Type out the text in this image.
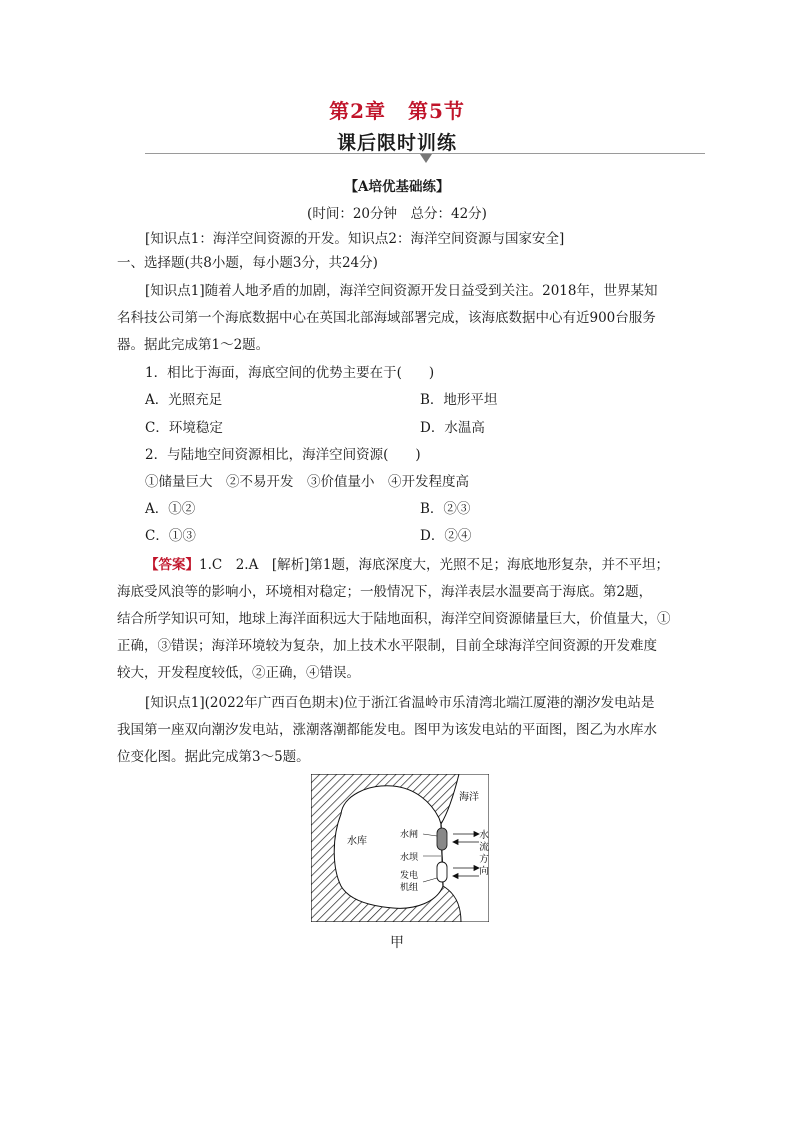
第2章 第5节
课后限时训练
【A培优基础练】
(时间：20分钟　总分：42分)
[知识点1：海洋空间资源的开发。知识点2：海洋空间资源与国家安全]
一、选择题(共8小题，每小题3分，共24分)
[知识点1]随着人地矛盾的加剧，海洋空间资源开发日益受到关注。2018年，世界某知
名科技公司第一个海底数据中心在英国北部海域部署完成，该海底数据中心有近900台服务
器。据此完成第1～2题。
1．相比于海面，海底空间的优势主要在于(　　)
A．光照充足	B．地形平坦
C．环境稳定	D．水温高
2．与陆地空间资源相比，海洋空间资源(　　)
①储量巨大　②不易开发　③价值量小　④开发程度高
A．①②	B．②③
C．①③	D．②④
【答案】1.C　2.A　[解析]第1题，海底深度大，光照不足；海底地形复杂，并不平坦；
海底受风浪等的影响小，环境相对稳定；一般情况下，海洋表层水温要高于海底。第2题，
结合所学知识可知，地球上海洋面积远大于陆地面积，海洋空间资源储量巨大，价值量大，①
正确，③错误；海洋环境较为复杂，加上技术水平限制，目前全球海洋空间资源的开发难度
较大，开发程度较低，②正确，④错误。
[知识点1](2022年广西百色期末)位于浙江省温岭市乐清湾北端江厦港的潮汐发电站是
我国第一座双向潮汐发电站，涨潮落潮都能发电。图甲为该发电站的平面图，图乙为水库水
位变化图。据此完成第3～5题。
海洋
水库
水闸
水坝
发电
机组
水
流
方
向
甲
